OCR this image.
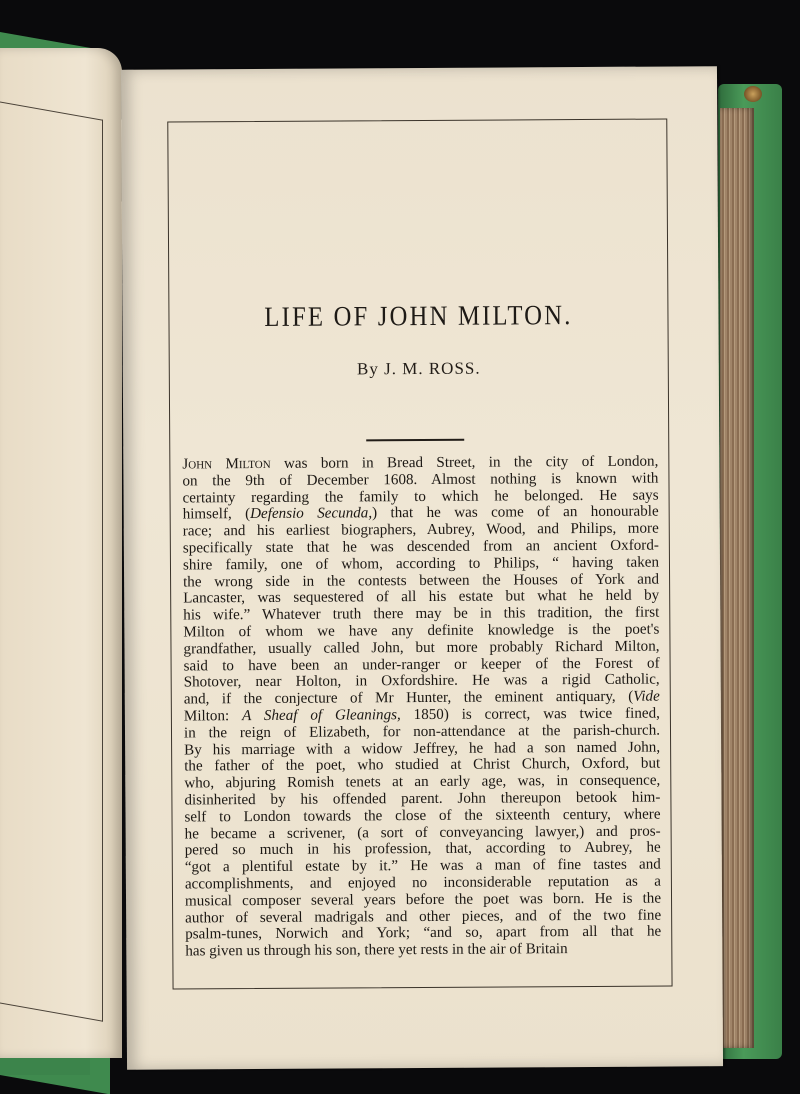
LIFE OF JOHN MILTON.
By J. M. ROSS.
John Milton was born in Bread Street, in the city of London,
on the 9th of December 1608. Almost nothing is known with
certainty regarding the family to which he belonged. He says
himself, (Defensio Secunda,) that he was come of an honourable
race; and his earliest biographers, Aubrey, Wood, and Philips, more
specifically state that he was descended from an ancient Oxford-
shire family, one of whom, according to Philips, “ having taken
the wrong side in the contests between the Houses of York and
Lancaster, was sequestered of all his estate but what he held by
his wife.” Whatever truth there may be in this tradition, the first
Milton of whom we have any definite knowledge is the poet's
grandfather, usually called John, but more probably Richard Milton,
said to have been an under-ranger or keeper of the Forest of
Shotover, near Holton, in Oxfordshire. He was a rigid Catholic,
and, if the conjecture of Mr Hunter, the eminent antiquary, (Vide
Milton: A Sheaf of Gleanings, 1850) is correct, was twice fined,
in the reign of Elizabeth, for non-attendance at the parish-church.
By his marriage with a widow Jeffrey, he had a son named John,
the father of the poet, who studied at Christ Church, Oxford, but
who, abjuring Romish tenets at an early age, was, in consequence,
disinherited by his offended parent. John thereupon betook him-
self to London towards the close of the sixteenth century, where
he became a scrivener, (a sort of conveyancing lawyer,) and pros-
pered so much in his profession, that, according to Aubrey, he
“got a plentiful estate by it.” He was a man of fine tastes and
accomplishments, and enjoyed no inconsiderable reputation as a
musical composer several years before the poet was born. He is the
author of several madrigals and other pieces, and of the two fine
psalm-tunes, Norwich and York; “and so, apart from all that he
has given us through his son, there yet rests in the air of Britain
